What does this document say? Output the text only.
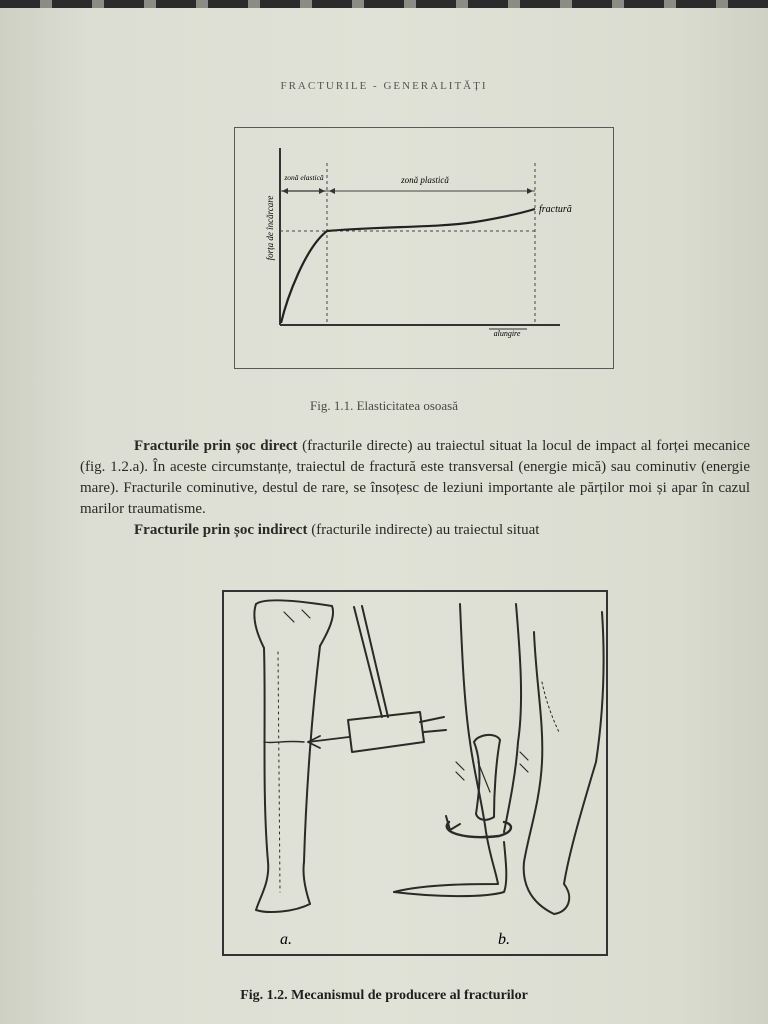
FRACTURILE - GENERALITĂȚI
forța de încărcare
zonă elastică	zonă plastică
fractură
alungire
Fig. 1.1. Elasticitatea osoasă

Fracturile prin șoc direct (fracturile directe) au traiectul situat la locul de impact al forței mecanice (fig. 1.2.a). În aceste circumstanțe, traiectul de fractură este transversal (energie mică) sau cominutiv (energie mare). Fracturile cominutive, destul de rare, se însoțesc de leziuni importante ale părților moi și apar în cazul marilor traumatisme.

Fracturile prin șoc indirect (fracturile indirecte) au traiectul situat

a.	b.
Fig. 1.2. Mecanismul de producere al fracturilor
